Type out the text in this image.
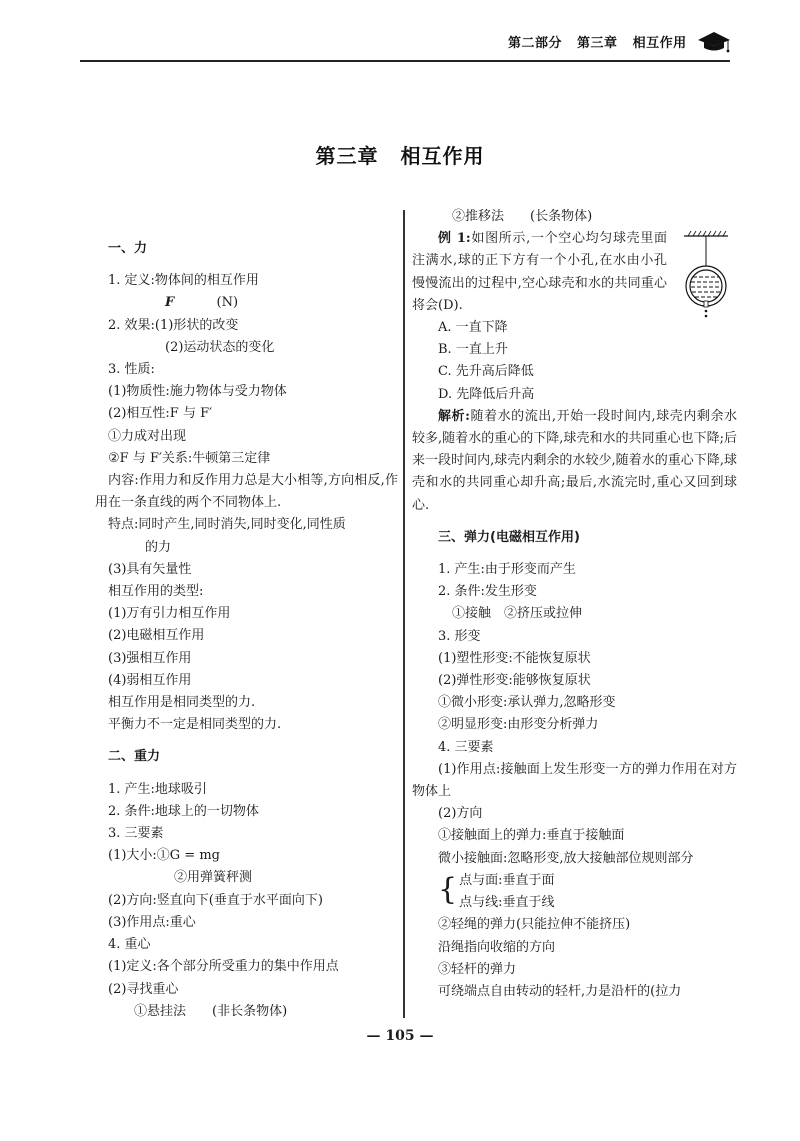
第二部分 第三章 相互作用
第三章 相互作用
一、力
1. 定义:物体间的相互作用
F	(N)
2. 效果:(1)形状的改变
(2)运动状态的变化
3. 性质:
(1)物质性:施力物体与受力物体
(2)相互性:F 与 F′
①力成对出现
②F 与 F′关系:牛顿第三定律
内容:作用力和反作用力总是大小相等,方向相反,作用在一条直线的两个不同物体上.
特点:同时产生,同时消失,同时变化,同性质
的力
(3)具有矢量性
相互作用的类型:
(1)万有引力相互作用
(2)电磁相互作用
(3)强相互作用
(4)弱相互作用
相互作用是相同类型的力.
平衡力不一定是相同类型的力.
二、重力
1. 产生:地球吸引
2. 条件:地球上的一切物体
3. 三要素
(1)大小:①G = mg
②用弹簧秤测
(2)方向:竖直向下(垂直于水平面向下)
(3)作用点:重心
4. 重心
(1)定义:各个部分所受重力的集中作用点
(2)寻找重心
①悬挂法　　(非长条物体)
②推移法　　(长条物体)
例 1:如图所示,一个空心均匀球壳里面注满水,球的正下方有一个小孔,在水由小孔慢慢流出的过程中,空心球壳和水的共同重心将会(D).
A. 一直下降
B. 一直上升
C. 先升高后降低
D. 先降低后升高
解析:随着水的流出,开始一段时间内,球壳内剩余水较多,随着水的重心的下降,球壳和水的共同重心也下降;后来一段时间内,球壳内剩余的水较少,随着水的重心下降,球壳和水的共同重心却升高;最后,水流完时,重心又回到球心.
三、弹力(电磁相互作用)
1. 产生:由于形变而产生
2. 条件:发生形变
①接触　②挤压或拉伸
3. 形变
(1)塑性形变:不能恢复原状
(2)弹性形变:能够恢复原状
①微小形变:承认弹力,忽略形变
②明显形变:由形变分析弹力
4. 三要素
(1)作用点:接触面上发生形变一方的弹力作用在对方物体上
(2)方向
①接触面上的弹力:垂直于接触面
微小接触面:忽略形变,放大接触部位规则部分
{ 点与面:垂直于面
点与线:垂直于线
②轻绳的弹力(只能拉伸不能挤压)
沿绳指向收缩的方向
③轻杆的弹力
可绕端点自由转动的轻杆,力是沿杆的(拉力
— 105 —
